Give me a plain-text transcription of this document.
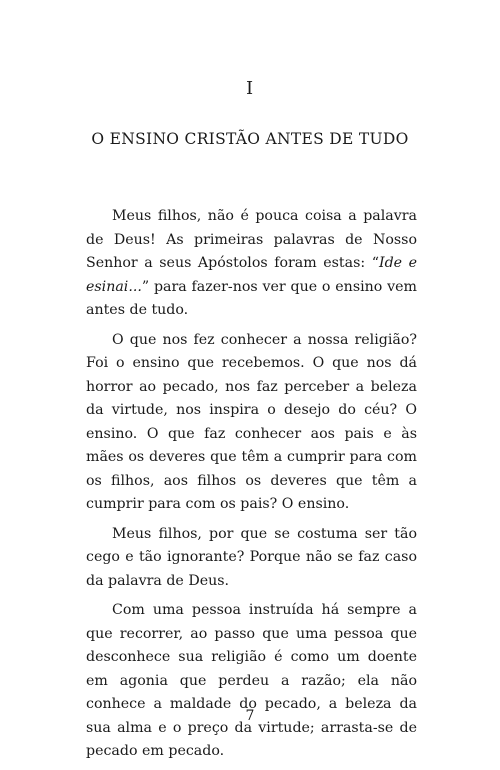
I
O ENSINO CRISTÃO ANTES DE TUDO

Meus filhos, não é pouca coisa a palavra de Deus! As primeiras palavras de Nosso Senhor a seus Apóstolos foram estas: “Ide e esinai...” para fazer-nos ver que o ensino vem antes de tudo.

O que nos fez conhecer a nossa religião? Foi o ensino que recebemos. O que nos dá horror ao pecado, nos faz perceber a beleza da virtude, nos inspira o desejo do céu? O ensino. O que faz conhecer aos pais e às mães os deveres que têm a cumprir para com os filhos, aos filhos os deveres que têm a cumprir para com os pais? O ensino.

Meus filhos, por que se costuma ser tão cego e tão ignorante? Porque não se faz caso da palavra de Deus.

Com uma pessoa instruída há sempre a que recorrer, ao passo que uma pessoa que desconhece sua religião é como um doente em agonia que perdeu a razão; ela não conhece a maldade do pecado, a beleza da sua alma e o preço da virtude; arrasta-se de pecado em pecado.

7
